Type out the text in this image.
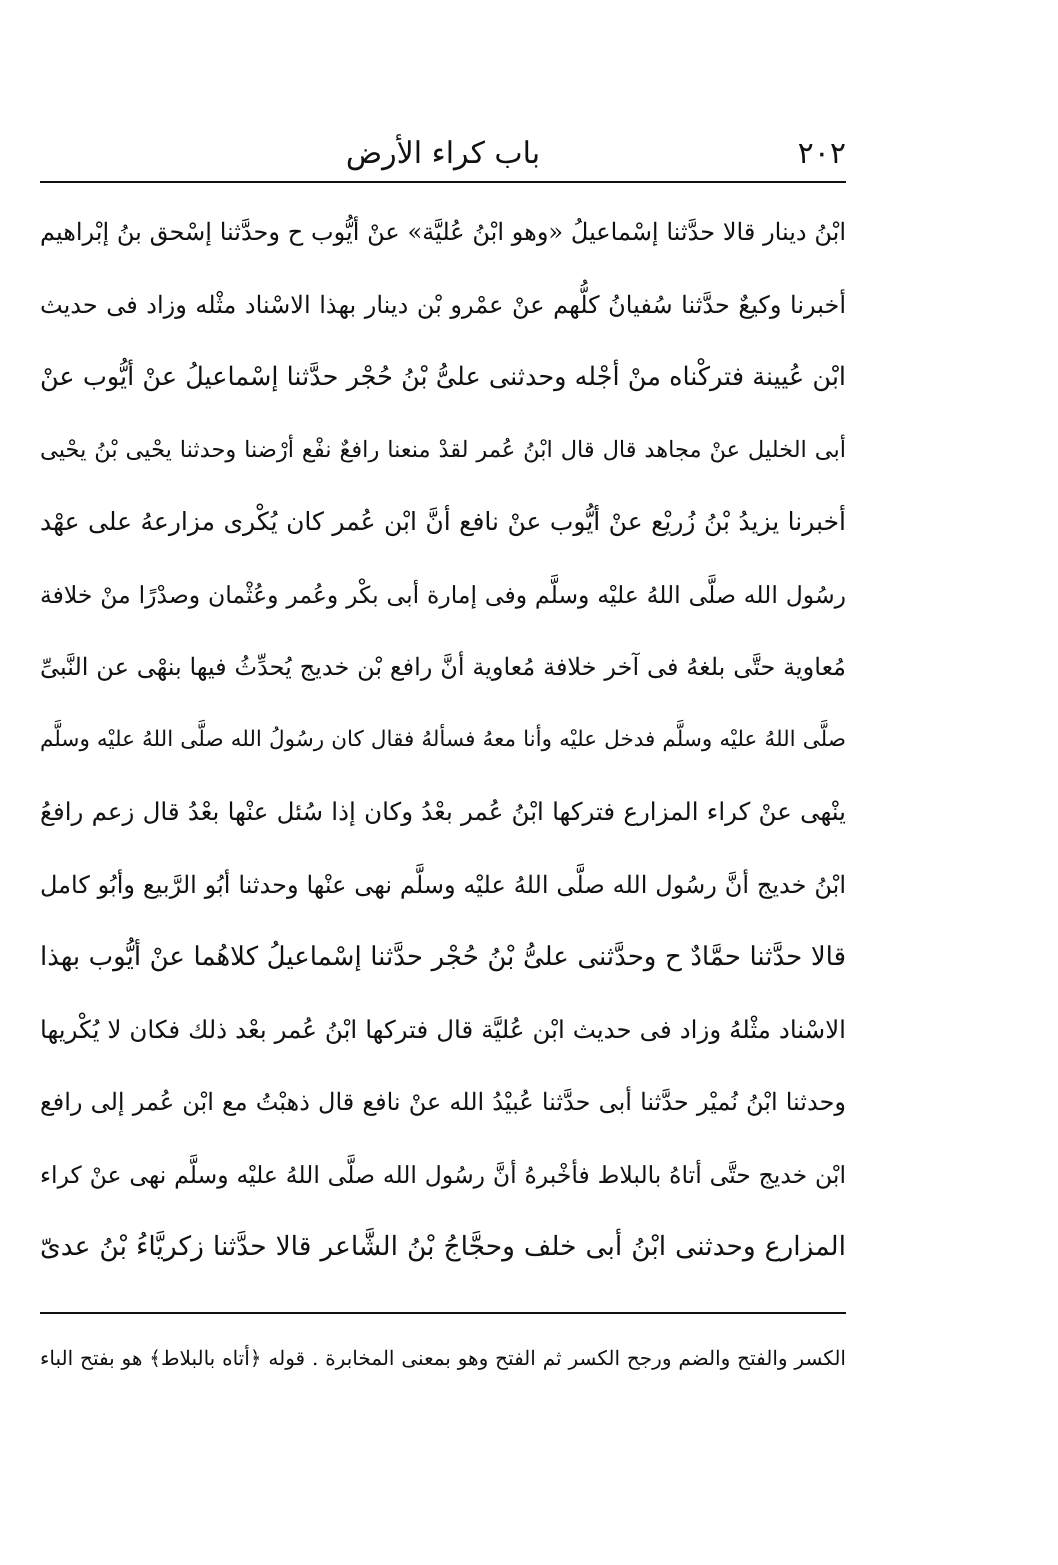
٢٠٢
باب كراء الأرض
ابْنُ دينار قالا حدَّثنا إسْماعيلُ «وهو ابْنُ عُليَّة» عنْ أيُّوب ح وحدَّثنا إسْحق بنُ إبْراهيم
أخبرنا وكيعٌ حدَّثنا سُفيانُ كلُّهم عنْ عمْرو بْن دينار بهذا الاسْناد مثْله وزاد فى حديث
ابْن عُيينة فتركْناه منْ أجْله وحدثنى علىُّ بْنُ حُجْر حدَّثنا إسْماعيلُ عنْ أيُّوب عنْ
أبى الخليل عنْ مجاهد قال قال ابْنُ عُمر لقدْ منعنا رافعٌ نفْع أرْضنا وحدثنا يحْيى بْنُ يحْيى
أخبرنا يزيدُ بْنُ زُريْع عنْ أيُّوب عنْ نافع أنَّ ابْن عُمر كان يُكْرى مزارعهُ على عهْد
رسُول الله صلَّى اللهُ عليْه وسلَّم وفى إمارة أبى بكْر وعُمر وعُثْمان وصدْرًا منْ خلافة
مُعاوية حتَّى بلغهُ فى آخر خلافة مُعاوية أنَّ رافع بْن خديج يُحدِّثُ فيها بنهْى عن النَّبىِّ
صلَّى اللهُ عليْه وسلَّم فدخل عليْه وأنا معهُ فسألهُ فقال كان رسُولُ الله صلَّى اللهُ عليْه وسلَّم
ينْهى عنْ كراء المزارع فتركها ابْنُ عُمر بعْدُ وكان إذا سُئل عنْها بعْدُ قال زعم رافعُ
ابْنُ خديج أنَّ رسُول الله صلَّى اللهُ عليْه وسلَّم نهى عنْها وحدثنا أبُو الرَّبيع وأبُو كامل
قالا حدَّثنا حمَّادٌ ح وحدَّثنى علىُّ بْنُ حُجْر حدَّثنا إسْماعيلُ كلاهُما عنْ أيُّوب بهذا
الاسْناد مثْلهُ وزاد فى حديث ابْن عُليَّة قال فتركها ابْنُ عُمر بعْد ذلك فكان لا يُكْريها
وحدثنا ابْنُ نُميْر حدَّثنا أبى حدَّثنا عُبيْدُ الله عنْ نافع قال ذهبْتُ مع ابْن عُمر إلى رافع
ابْن خديج حتَّى أتاهُ بالبلاط فأخْبرهُ أنَّ رسُول الله صلَّى اللهُ عليْه وسلَّم نهى عنْ كراء
المزارع وحدثنى ابْنُ أبى خلف وحجَّاجُ بْنُ الشَّاعر قالا حدَّثنا زكريَّاءُ بْنُ عدىّ
الكسر والفتح والضم ورجح الكسر ثم الفتح وهو بمعنى المخابرة . قوله ﴿أتاه بالبلاط﴾ هو بفتح الباء
